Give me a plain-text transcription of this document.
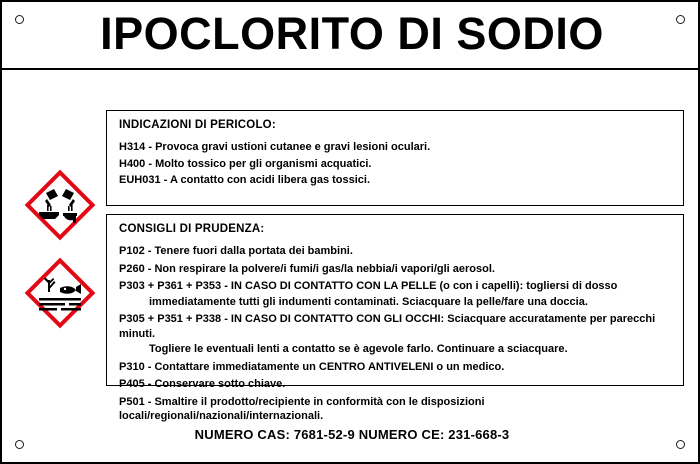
IPOCLORITO DI SODIO

INDICAZIONI DI PERICOLO:

H314 - Provoca gravi ustioni cutanee e gravi lesioni oculari.

H400 - Molto tossico per gli organismi acquatici.

EUH031 - A contatto con acidi libera gas tossici.

CONSIGLI DI PRUDENZA:

P102 - Tenere fuori dalla portata dei bambini.

P260 - Non respirare la polvere/i fumi/i gas/la nebbia/i vapori/gli aerosol.

P303 + P361 + P353 - IN CASO DI CONTATTO CON LA PELLE (o con i capelli): togliersi di dosso

immediatamente tutti gli indumenti contaminati. Sciacquare la pelle/fare una doccia.

P305 + P351 + P338 - IN CASO DI CONTATTO CON GLI OCCHI: Sciacquare accuratamente per parecchi minuti.

Togliere le eventuali lenti a contatto se è agevole farlo. Continuare a sciacquare.

P310 - Contattare immediatamente un CENTRO ANTIVELENI o un medico.

P405 - Conservare sotto chiave.

P501 - Smaltire il prodotto/recipiente in conformità con le disposizioni locali/regionali/nazionali/internazionali.

NUMERO CAS: 7681-52-9 NUMERO CE: 231-668-3
